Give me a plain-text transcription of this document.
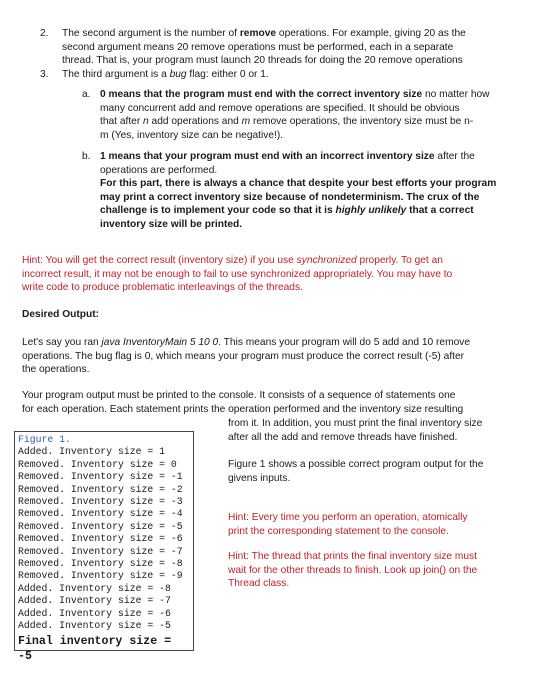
2. The second argument is the number of remove operations. For example, giving 20 as the

second argument means 20 remove operations must be performed, each in a separate

thread. That is, your program must launch 20 threads for doing the 20 remove operations

3. The third argument is a bug flag: either 0 or 1.

a. 0 means that the program must end with the correct inventory size no matter how

many concurrent add and remove operations are specified. It should be obvious

that after n add operations and m remove operations, the inventory size must be n-

m (Yes, inventory size can be negative!).

b. 1 means that your program must end with an incorrect inventory size after the

operations are performed.

For this part, there is always a chance that despite your best efforts your program

may print a correct inventory size because of nondeterminism. The crux of the

challenge is to implement your code so that it is highly unlikely that a correct

inventory size will be printed.

Hint: You will get the correct result (inventory size) if you use synchronized properly. To get an

incorrect result, it may not be enough to fail to use synchronized appropriately. You may have to

write code to produce problematic interleavings of the threads.

Desired Output:

Let's say you ran java InventoryMain 5 10 0. This means your program will do 5 add and 10 remove

operations. The bug flag is 0, which means your program must produce the correct result (-5) after

the operations.

Your program output must be printed to the console. It consists of a sequence of statements one

for each operation. Each statement prints the operation performed and the inventory size resulting

from it. In addition, you must print the final inventory size

after all the add and remove threads have finished.

Figure 1.
Added. Inventory size = 1
Removed. Inventory size = 0
Removed. Inventory size = -1
Removed. Inventory size = -2
Removed. Inventory size = -3
Removed. Inventory size = -4
Removed. Inventory size = -5
Removed. Inventory size = -6
Removed. Inventory size = -7
Removed. Inventory size = -8
Removed. Inventory size = -9
Added. Inventory size = -8
Added. Inventory size = -7
Added. Inventory size = -6
Added. Inventory size = -5
Final inventory size = -5

Figure 1 shows a possible correct program output for the

givens inputs.

Hint: Every time you perform an operation, atomically

print the corresponding statement to the console.

Hint: The thread that prints the final inventory size must

wait for the other threads to finish. Look up join() on the

Thread class.
